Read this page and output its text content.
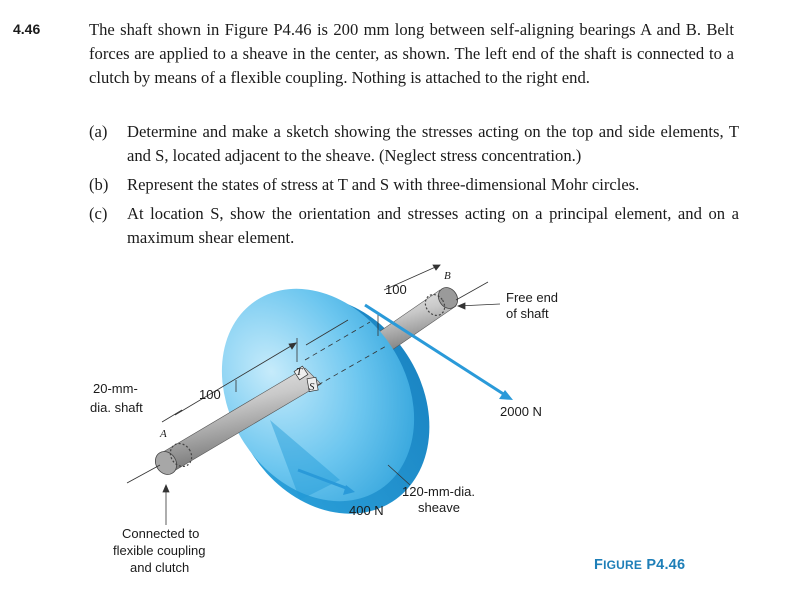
4.46	The shaft shown in Figure P4.46 is 200 mm long between self-aligning bearings A and B. Belt forces are applied to a sheave in the center, as shown. The left end of the shaft is connected to a clutch by means of a flexible coupling. Nothing is attached to the right end.
(a) Determine and make a sketch showing the stresses acting on the top and side elements, T and S, located adjacent to the sheave. (Neglect stress concentration.)
(b) Represent the states of stress at T and S with three-dimensional Mohr circles.
(c) At location S, show the orientation and stresses acting on a principal element, and on a maximum shear element.
100
B
Free end
of shaft
100
20-mm-
dia. shaft
A
T
S
2000 N
400 N
120-mm-dia.
sheave
Connected to
flexible coupling
and clutch	FIGURE P4.46
